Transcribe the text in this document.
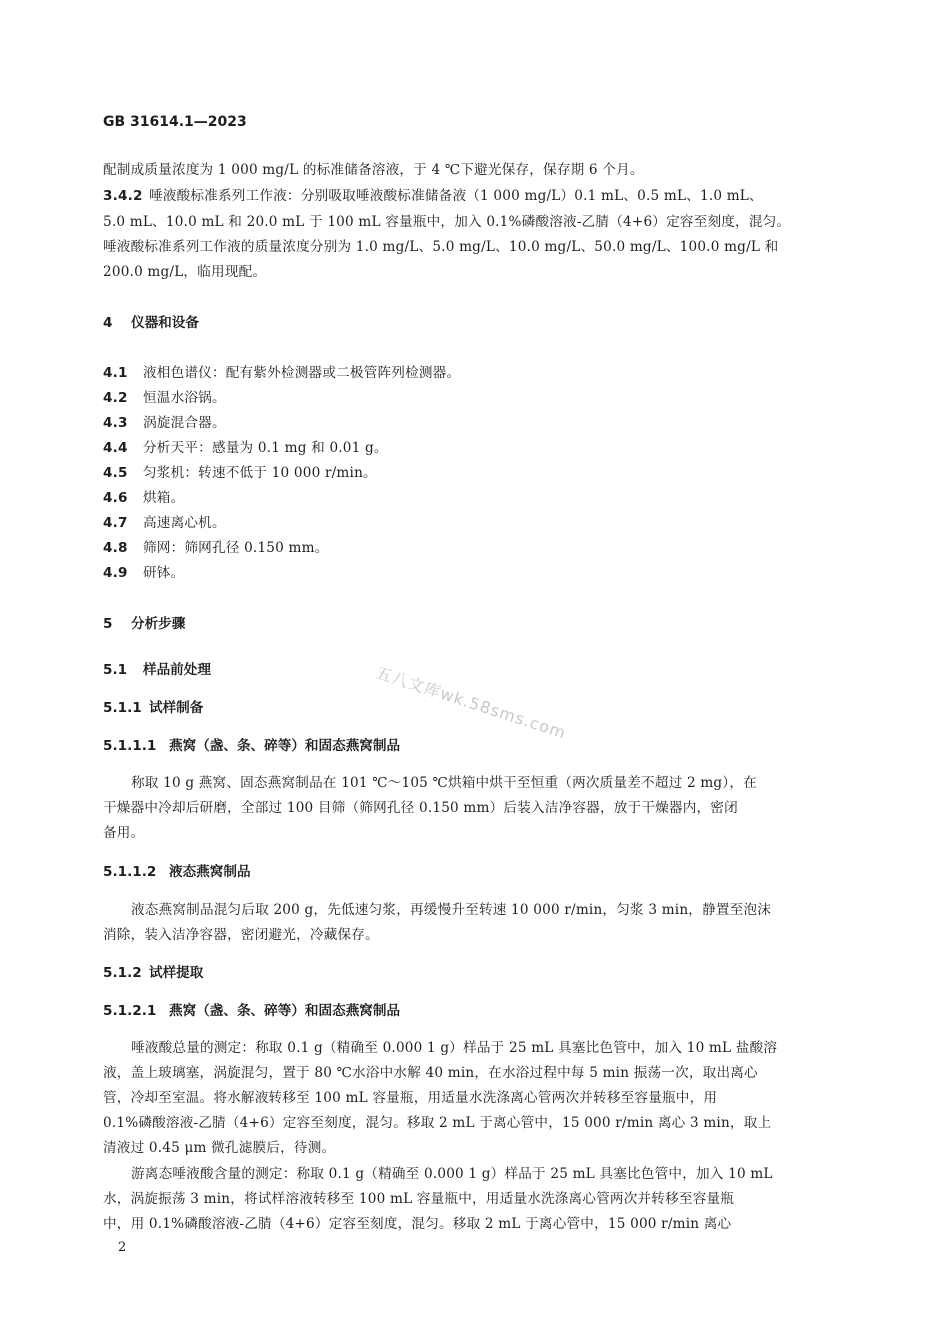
GB 31614.1—2023
配制成质量浓度为 1 000 mg/L 的标准储备溶液，于 4 ℃下避光保存，保存期 6 个月。
3.4.2 唾液酸标准系列工作液：分别吸取唾液酸标准储备液（1 000 mg/L）0.1 mL、0.5 mL、1.0 mL、
5.0 mL、10.0 mL 和 20.0 mL 于 100 mL 容量瓶中，加入 0.1%磷酸溶液-乙腈（4+6）定容至刻度，混匀。
唾液酸标准系列工作液的质量浓度分别为 1.0 mg/L、5.0 mg/L、10.0 mg/L、50.0 mg/L、100.0 mg/L 和
200.0 mg/L，临用现配。
4 仪器和设备
4.1 液相色谱仪：配有紫外检测器或二极管阵列检测器。
4.2 恒温水浴锅。
4.3 涡旋混合器。
4.4 分析天平：感量为 0.1 mg 和 0.01 g。
4.5 匀浆机：转速不低于 10 000 r/min。
4.6 烘箱。
4.7 高速离心机。
4.8 筛网：筛网孔径 0.150 mm。
4.9 研钵。
5 分析步骤
5.1 样品前处理
5.1.1 试样制备
5.1.1.1 燕窝（盏、条、碎等）和固态燕窝制品
称取 10 g 燕窝、固态燕窝制品在 101 ℃～105 ℃烘箱中烘干至恒重（两次质量差不超过 2 mg），在
干燥器中冷却后研磨，全部过 100 目筛（筛网孔径 0.150 mm）后装入洁净容器，放于干燥器内，密闭
备用。
5.1.1.2 液态燕窝制品
液态燕窝制品混匀后取 200 g，先低速匀浆，再缓慢升至转速 10 000 r/min，匀浆 3 min，静置至泡沫
消除，装入洁净容器，密闭避光，冷藏保存。
5.1.2 试样提取
5.1.2.1 燕窝（盏、条、碎等）和固态燕窝制品
唾液酸总量的测定：称取 0.1 g（精确至 0.000 1 g）样品于 25 mL 具塞比色管中，加入 10 mL 盐酸溶
液，盖上玻璃塞，涡旋混匀，置于 80 ℃水浴中水解 40 min，在水浴过程中每 5 min 振荡一次，取出离心
管，冷却至室温。将水解液转移至 100 mL 容量瓶，用适量水洗涤离心管两次并转移至容量瓶中，用
0.1%磷酸溶液-乙腈（4+6）定容至刻度，混匀。移取 2 mL 于离心管中，15 000 r/min 离心 3 min，取上
清液过 0.45 μm 微孔滤膜后，待测。
游离态唾液酸含量的测定：称取 0.1 g（精确至 0.000 1 g）样品于 25 mL 具塞比色管中，加入 10 mL
水，涡旋振荡 3 min，将试样溶液转移至 100 mL 容量瓶中，用适量水洗涤离心管两次并转移至容量瓶
中，用 0.1%磷酸溶液-乙腈（4+6）定容至刻度，混匀。移取 2 mL 于离心管中，15 000 r/min 离心
五八文库wk.58sms.com
2
